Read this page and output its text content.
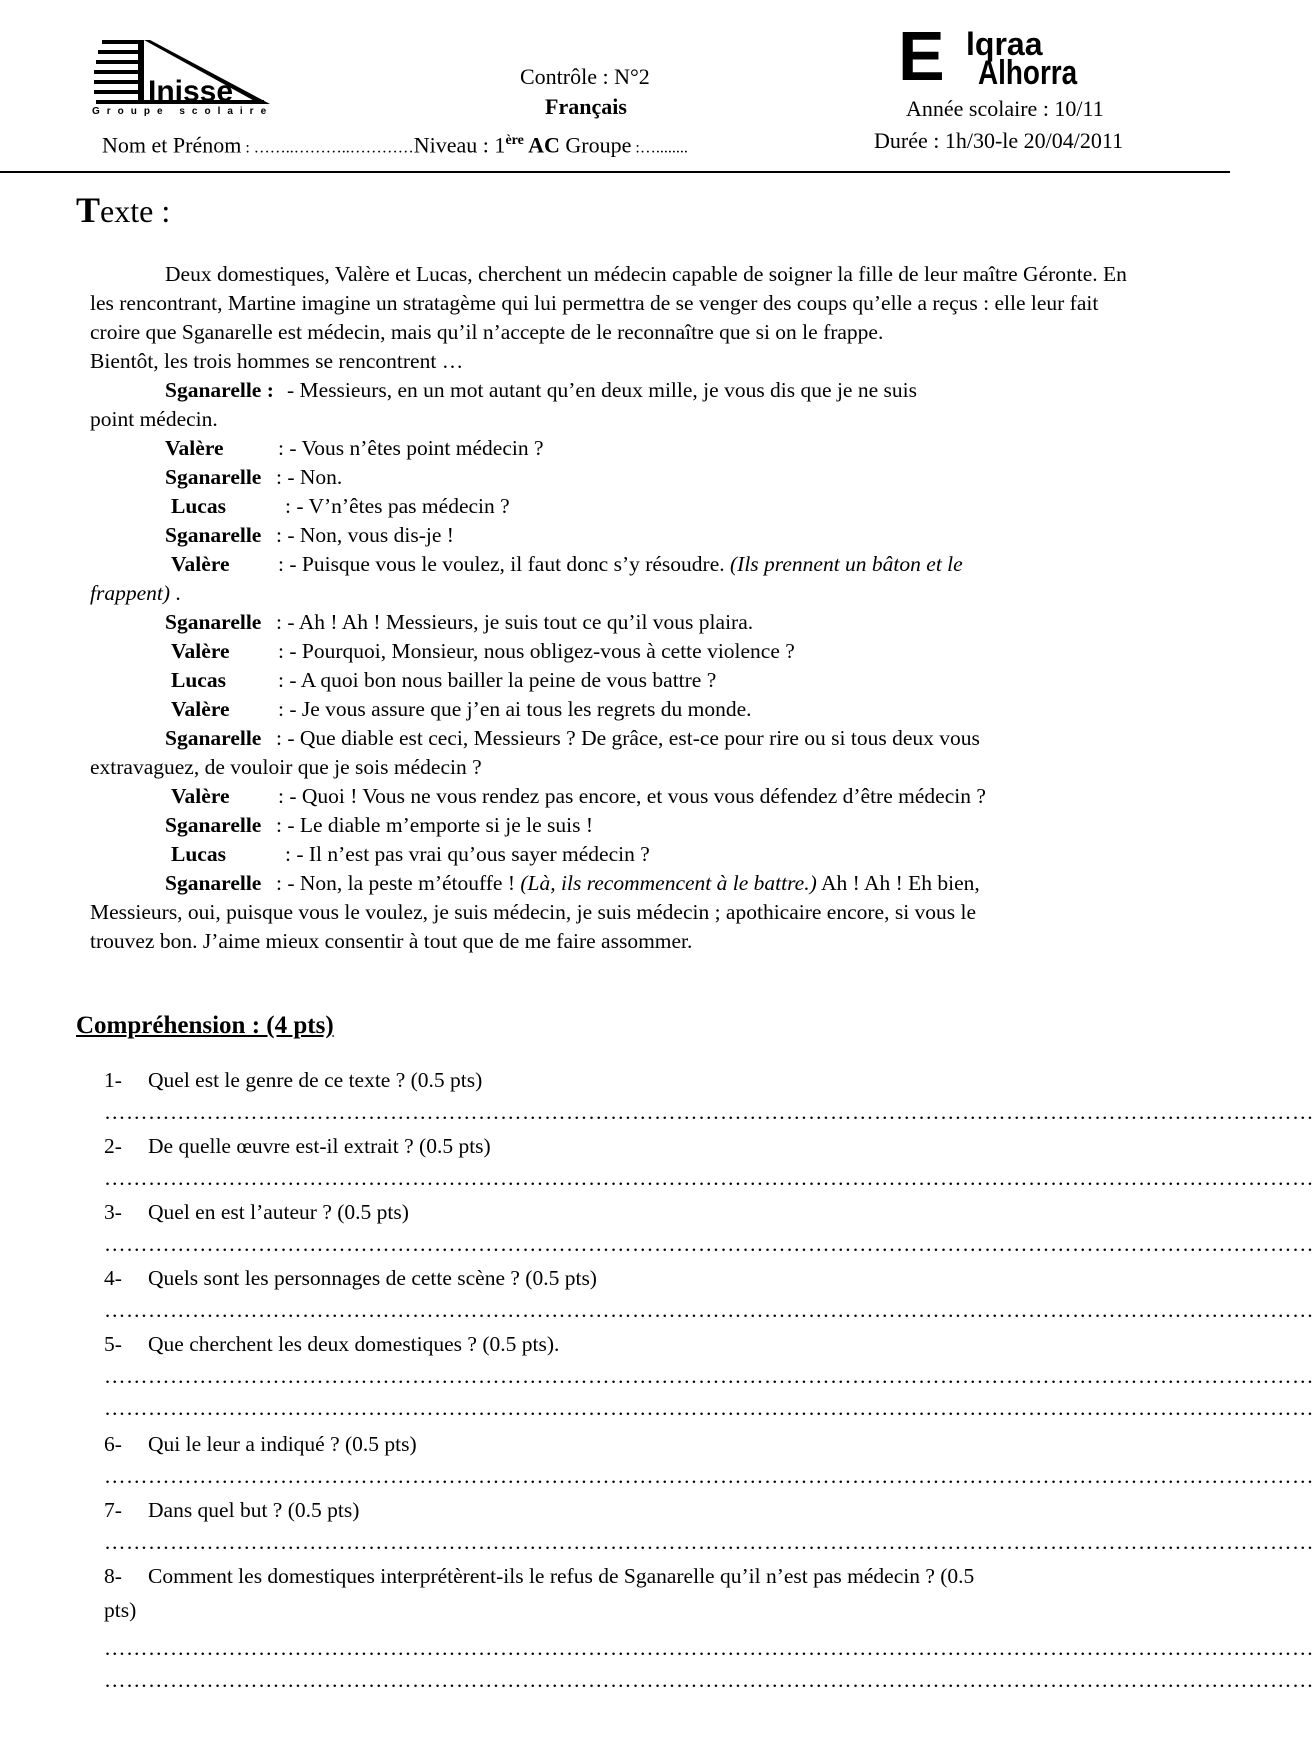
Inisse
Groupe scolaire
E lqraa
Alhorra
Contrôle : N°2
Français	Année scolaire : 10/11
Nom et Prénom : ……..………..…………Niveau : 1ère AC Groupe :…........	Durée : 1h/30-le 20/04/2011
Texte :

Deux domestiques, Valère et Lucas, cherchent un médecin capable de soigner la fille de leur maître Géronte. En les rencontrant, Martine imagine un stratagème qui lui permettra de se venger des coups qu’elle a reçus : elle leur fait croire que Sganarelle est médecin, mais qu’il n’accepte de le reconnaître que si on le frappe.

Bientôt, les trois hommes se rencontrent …

Sganarelle : - Messieurs, en un mot autant qu’en deux mille, je vous dis que je ne suis

point médecin.

Valère	: - Vous n’êtes point médecin ?
Sganarelle : - Non.
Lucas	: - V’n’êtes pas médecin ?
Sganarelle : - Non, vous dis-je !
Valère : - Puisque vous le voulez, il faut donc s’y résoudre. (Ils prennent un bâton et le

frappent) .

Sganarelle : - Ah ! Ah ! Messieurs, je suis tout ce qu’il vous plaira.
Valère : - Pourquoi, Monsieur, nous obligez-vous à cette violence ?
Lucas : - A quoi bon nous bailler la peine de vous battre ?
Valère : - Je vous assure que j’en ai tous les regrets du monde.
Sganarelle : - Que diable est ceci, Messieurs ? De grâce, est-ce pour rire ou si tous deux vous

extravaguez, de vouloir que je sois médecin ?

Valère : - Quoi ! Vous ne vous rendez pas encore, et vous vous défendez d’être médecin ?
Sganarelle : - Le diable m’emporte si je le suis !
Lucas	: - Il n’est pas vrai qu’ous sayer médecin ?
Sganarelle : - Non, la peste m’étouffe ! (Là, ils recommencent à le battre.) Ah ! Ah ! Eh bien,

Messieurs, oui, puisque vous le voulez, je suis médecin, je suis médecin ; apothicaire encore, si vous le

trouvez bon. J’aime mieux consentir à tout que de me faire assommer.

Compréhension : (4 pts)
1- Quel est le genre de ce texte ? (0.5 pts)
…………………………………………………………………………………………………………………………………………………
2- De quelle œuvre est-il extrait ? (0.5 pts)
…………………………………………………………………………………………………………………………………………………
3- Quel en est l’auteur ? (0.5 pts)
…………………………………………………………………………………………………………………………………………………
4- Quels sont les personnages de cette scène ? (0.5 pts)
…………………………………………………………………………………………………………………………………………………
5- Que cherchent les deux domestiques ? (0.5 pts).
…………………………………………………………………………………………………………………………………………………
…………………………………………………………………………………………………………………………………………………
6- Qui le leur a indiqué ? (0.5 pts)
…………………………………………………………………………………………………………………………………………………
7- Dans quel but ? (0.5 pts)
…………………………………………………………………………………………………………………………………………………
8- Comment les domestiques interprétèrent-ils le refus de Sganarelle qu’il n’est pas médecin ? (0.5
pts)
…………………………………………………………………………………………………………………………………………………
…………………………………………………………………………………………………………………………………………………
